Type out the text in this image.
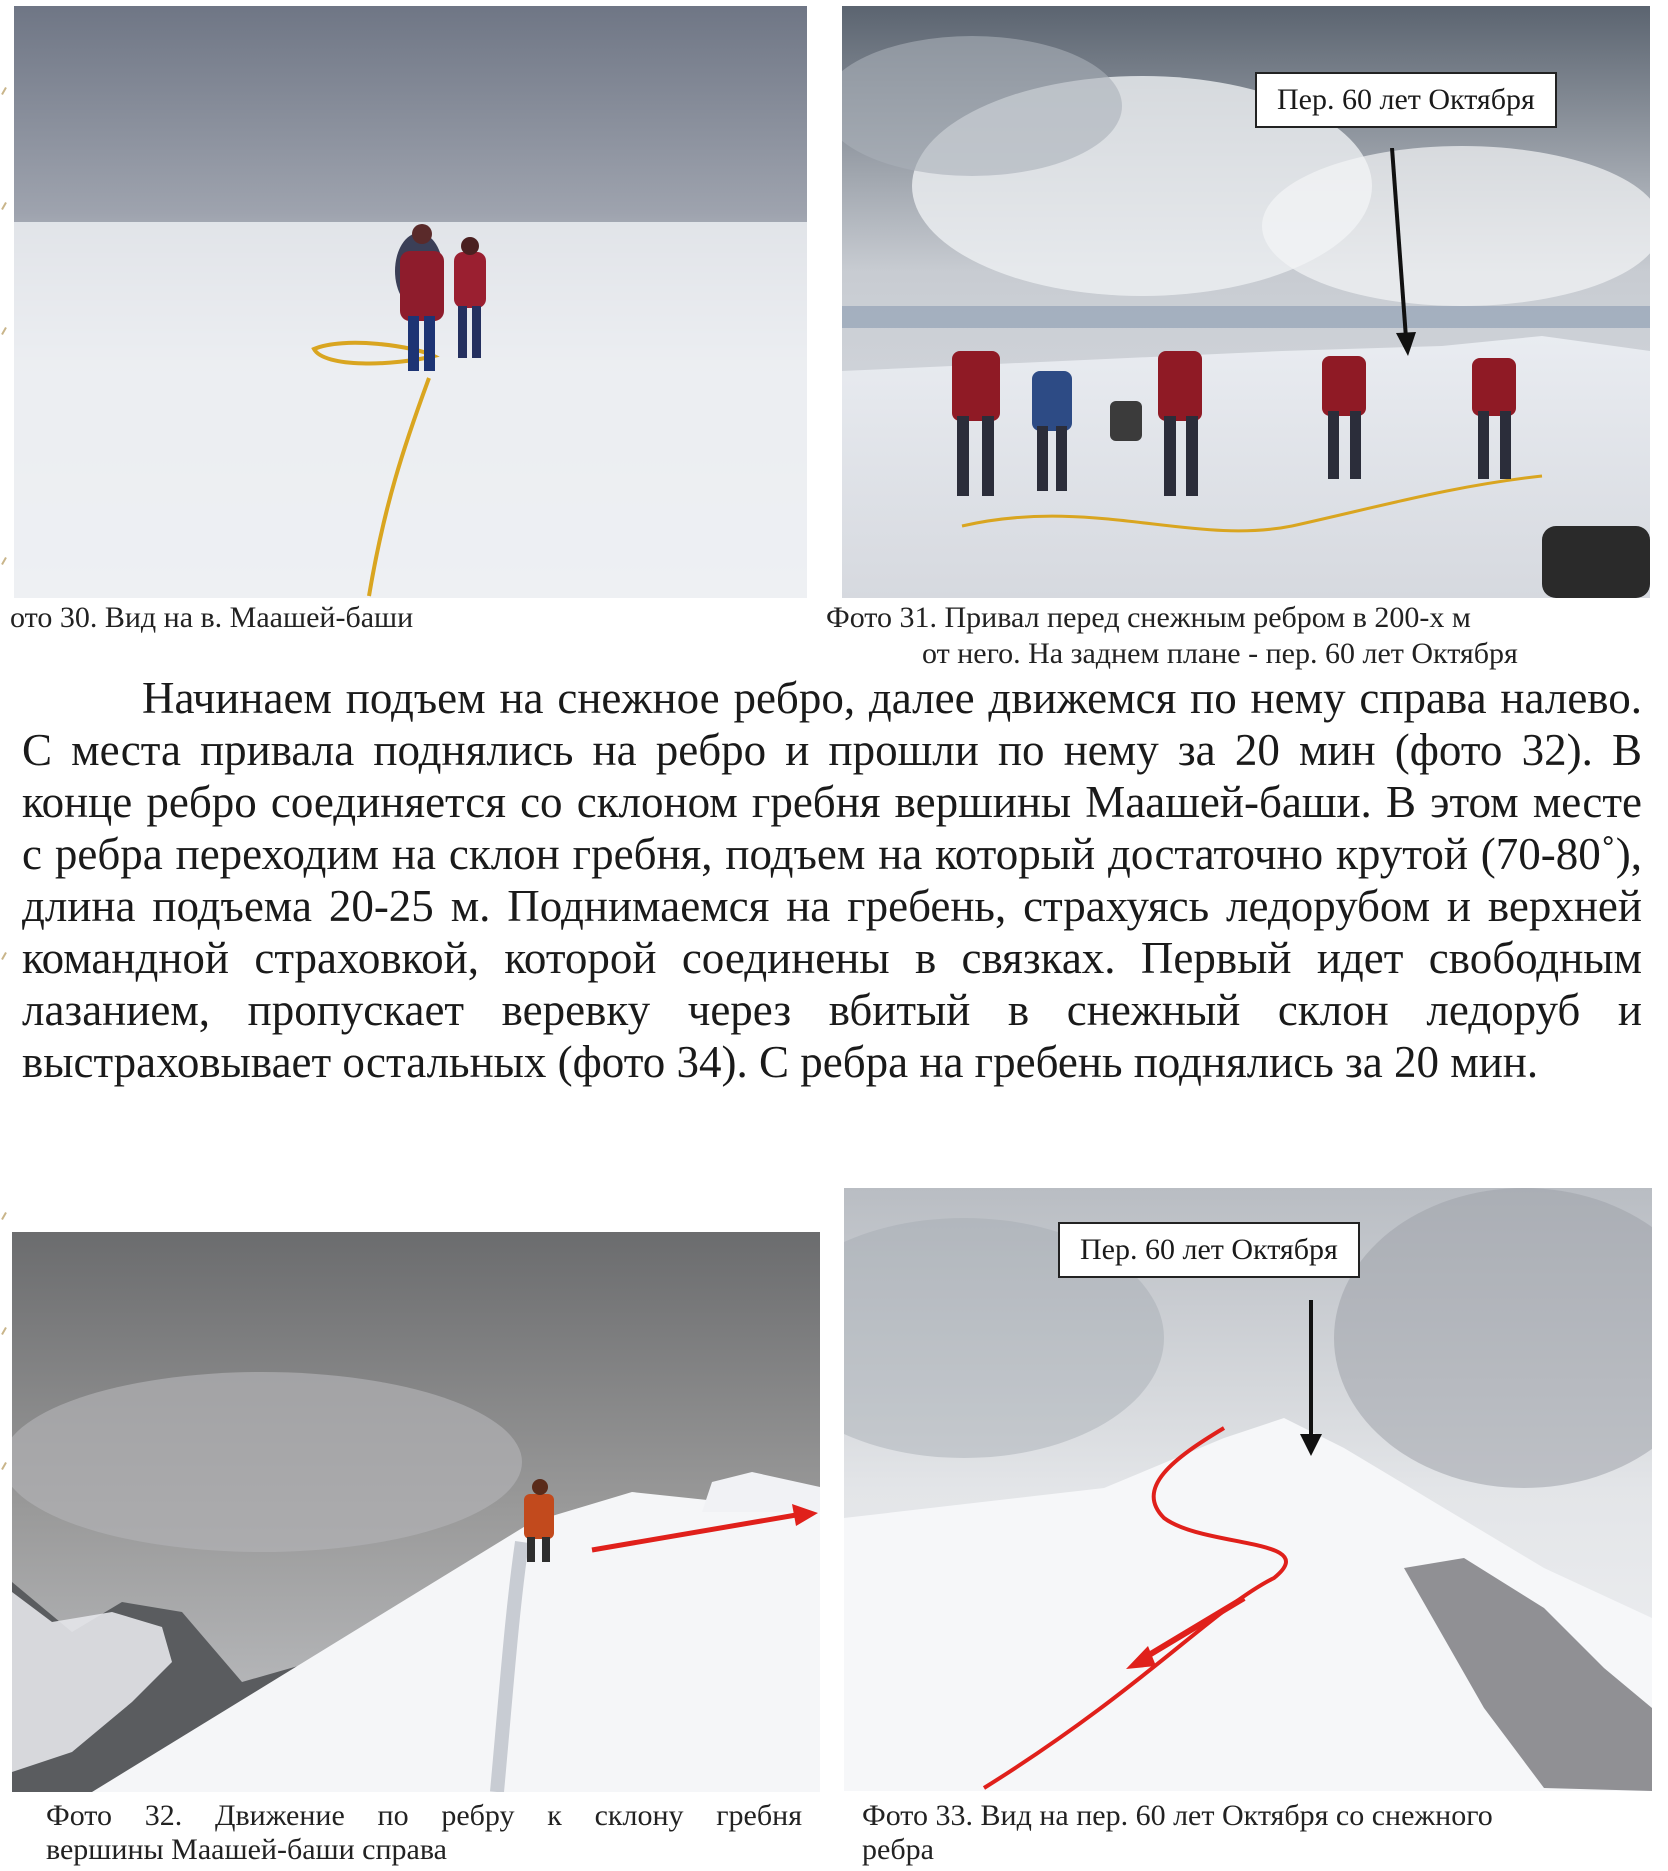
Пер. 60 лет Октября
ото 30. Вид на в. Маашей-баши	Фото 31. Привал перед снежным ребром в 200-х м
от него. На заднем плане - пер. 60 лет Октября

Начинаем подъем на снежное ребро, далее движемся по нему справа налево. С места привала поднялись на ребро и прошли по нему за 20 мин (фото 32). В конце ребро соединяется со склоном гребня вершины Маашей-баши. В этом месте с ребра переходим на склон гребня, подъем на который достаточно крутой (70-80˚), длина подъема 20-25 м. Поднимаемся на гребень, страхуясь ледорубом и верхней командной страховкой, которой соединены в связках. Первый идет свободным лазанием, пропускает веревку через вбитый в снежный склон ледоруб и выстраховывает остальных (фото 34). С ребра на гребень поднялись за 20 мин.

Пер. 60 лет Октября
Фото 32. Движение по ребру к склону гребня
вершины Маашей-баши справа
Фото 33. Вид на пер. 60 лет Октября со снежного
ребра
